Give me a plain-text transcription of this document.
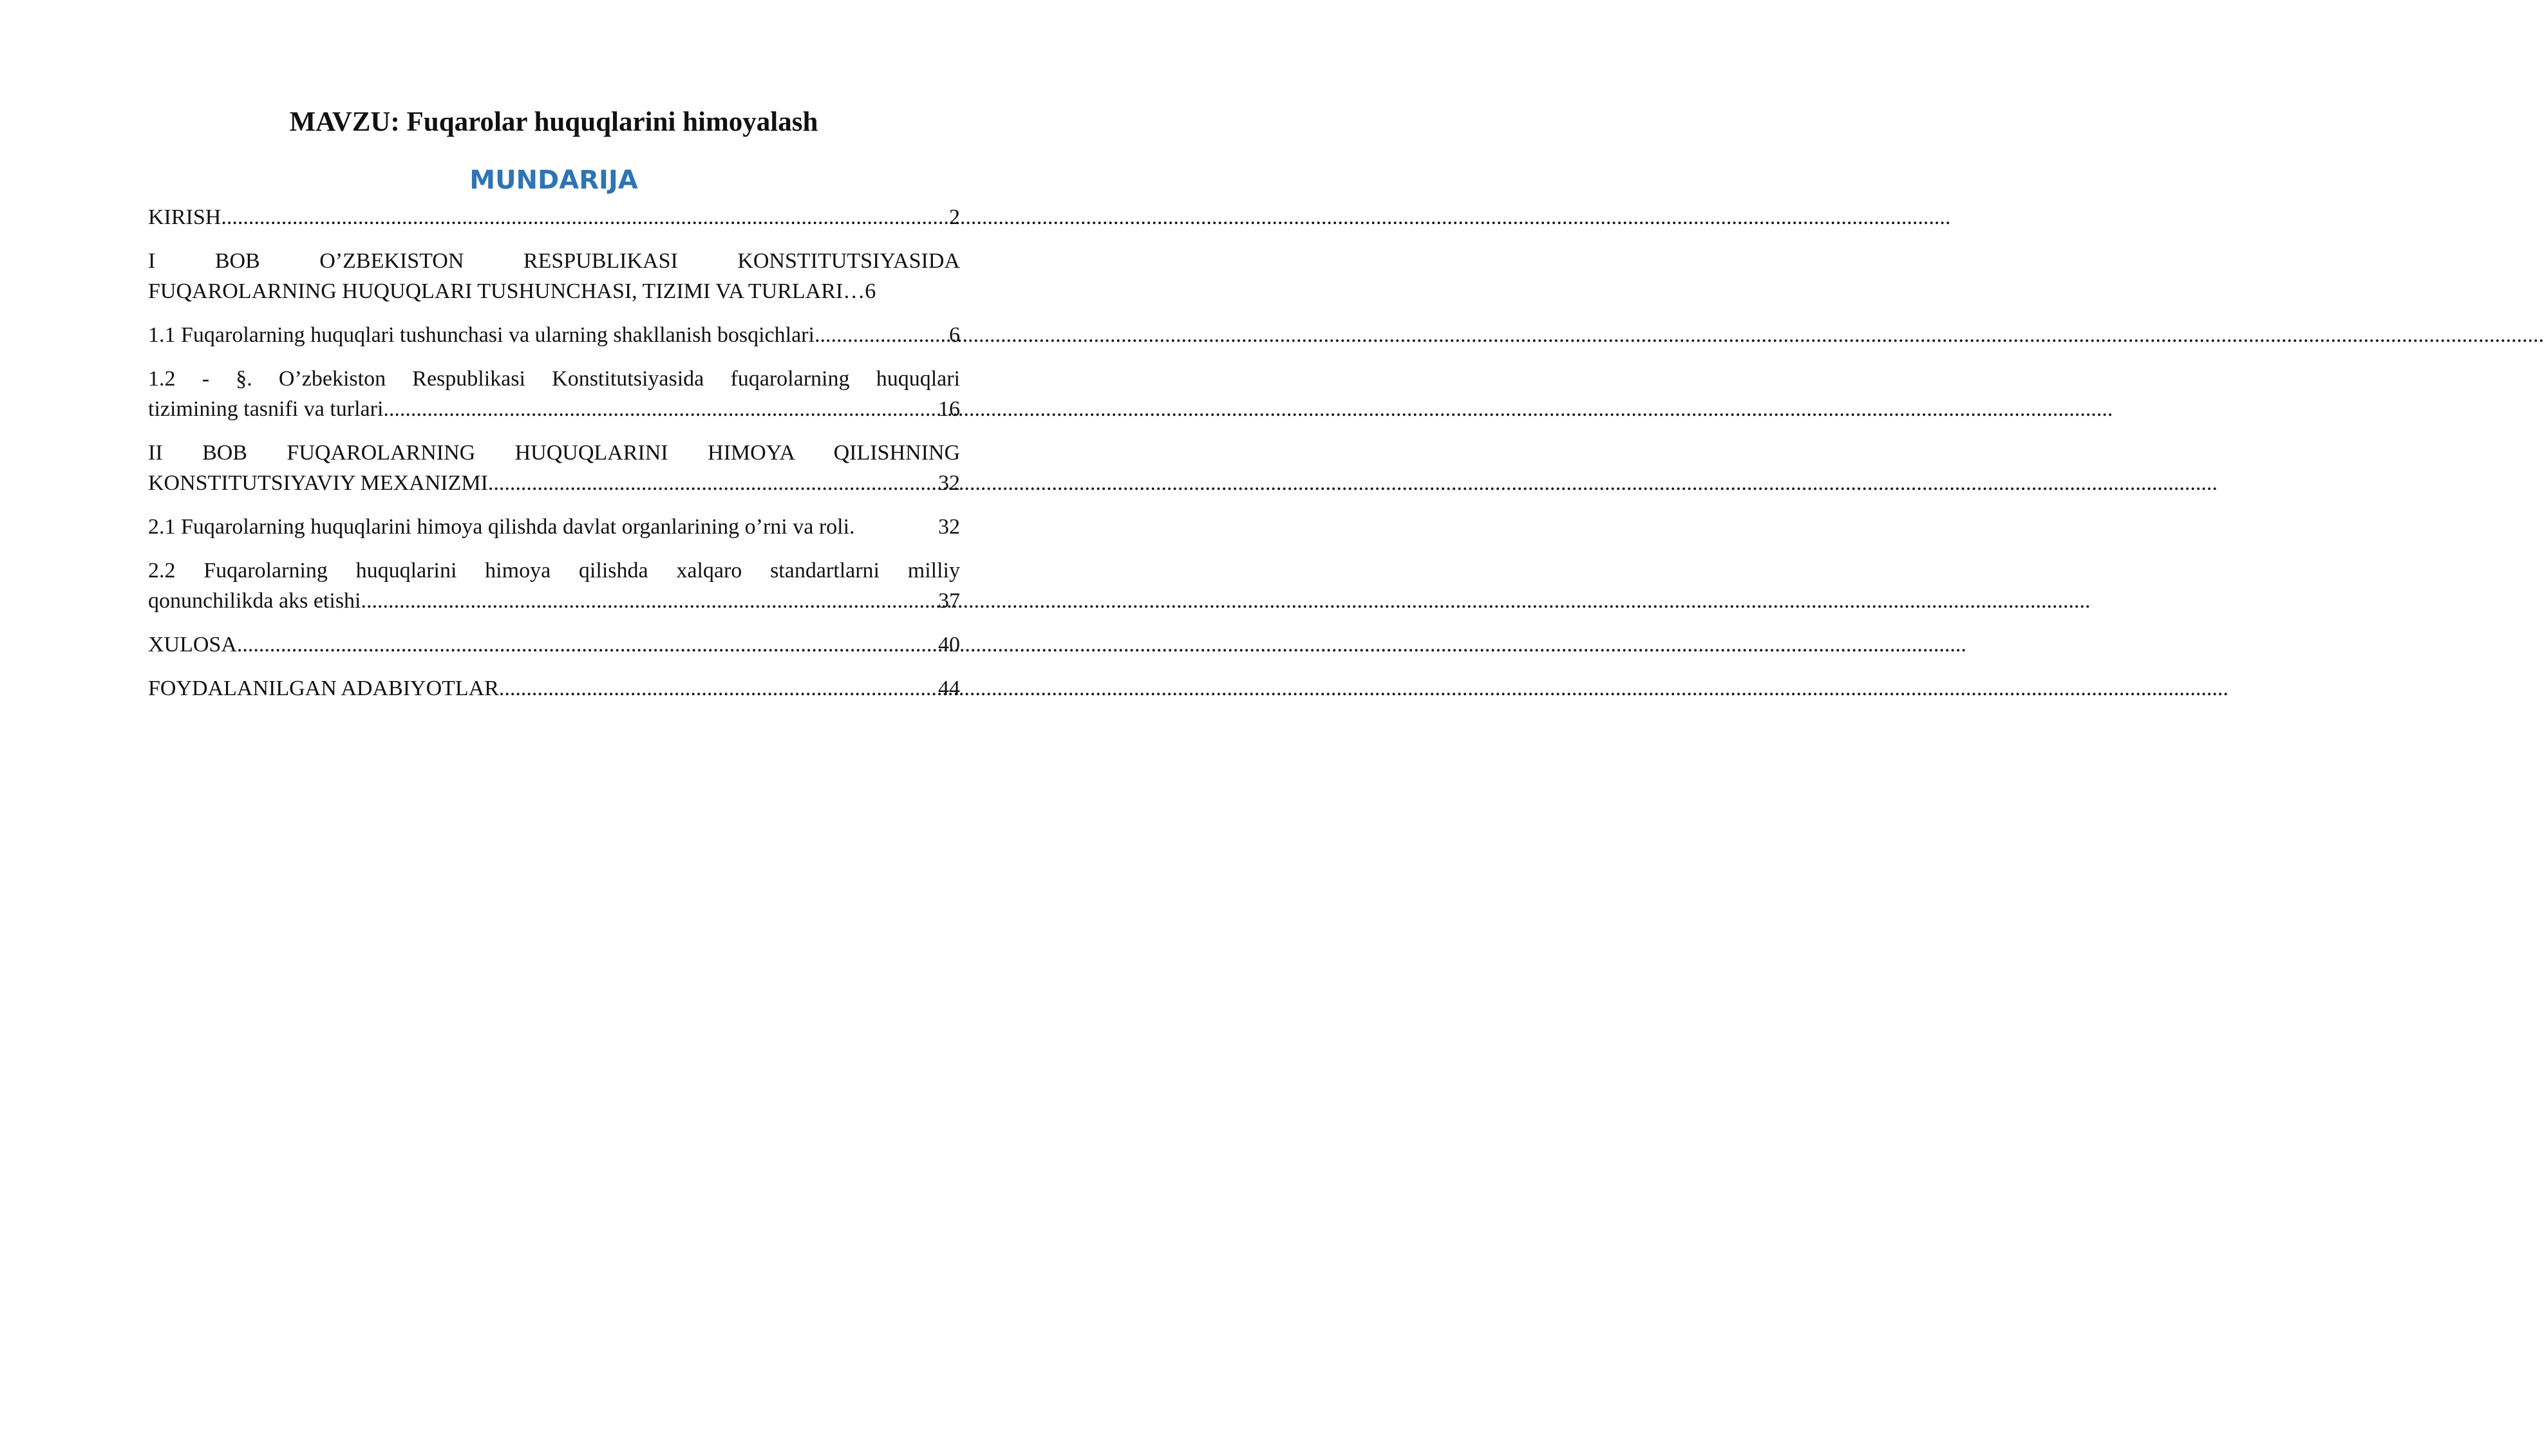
MAVZU: Fuqarolar huquqlarini himoyalash
MUNDARIJA
KIRISH .....	2
I BOB O’ZBEKISTON RESPUBLIKASI KONSTITUTSIYASIDA
FUQAROLARNING HUQUQLARI TUSHUNCHASI, TIZIMI VA TURLARI… 6
1.1 Fuqarolarning huquqlari tushunchasi va ularning shakllanish bosqichlari .....	6
1.2 - §. O’zbekiston Respublikasi Konstitutsiyasida fuqarolarning huquqlari
tizimining tasnifi va turlari .....	16
II BOB FUQAROLARNING HUQUQLARINI HIMOYA QILISHNING
KONSTITUTSIYAVIY MEXANIZMI .....	32
2.1 Fuqarolarning huquqlarini himoya qilishda davlat organlarining o’rni va roli.	32
2.2 Fuqarolarning huquqlarini himoya qilishda xalqaro standartlarni milliy
qonunchilikda aks etishi .....	37
XULOSA .....	40
FOYDALANILGAN ADABIYOTLAR .....	44
